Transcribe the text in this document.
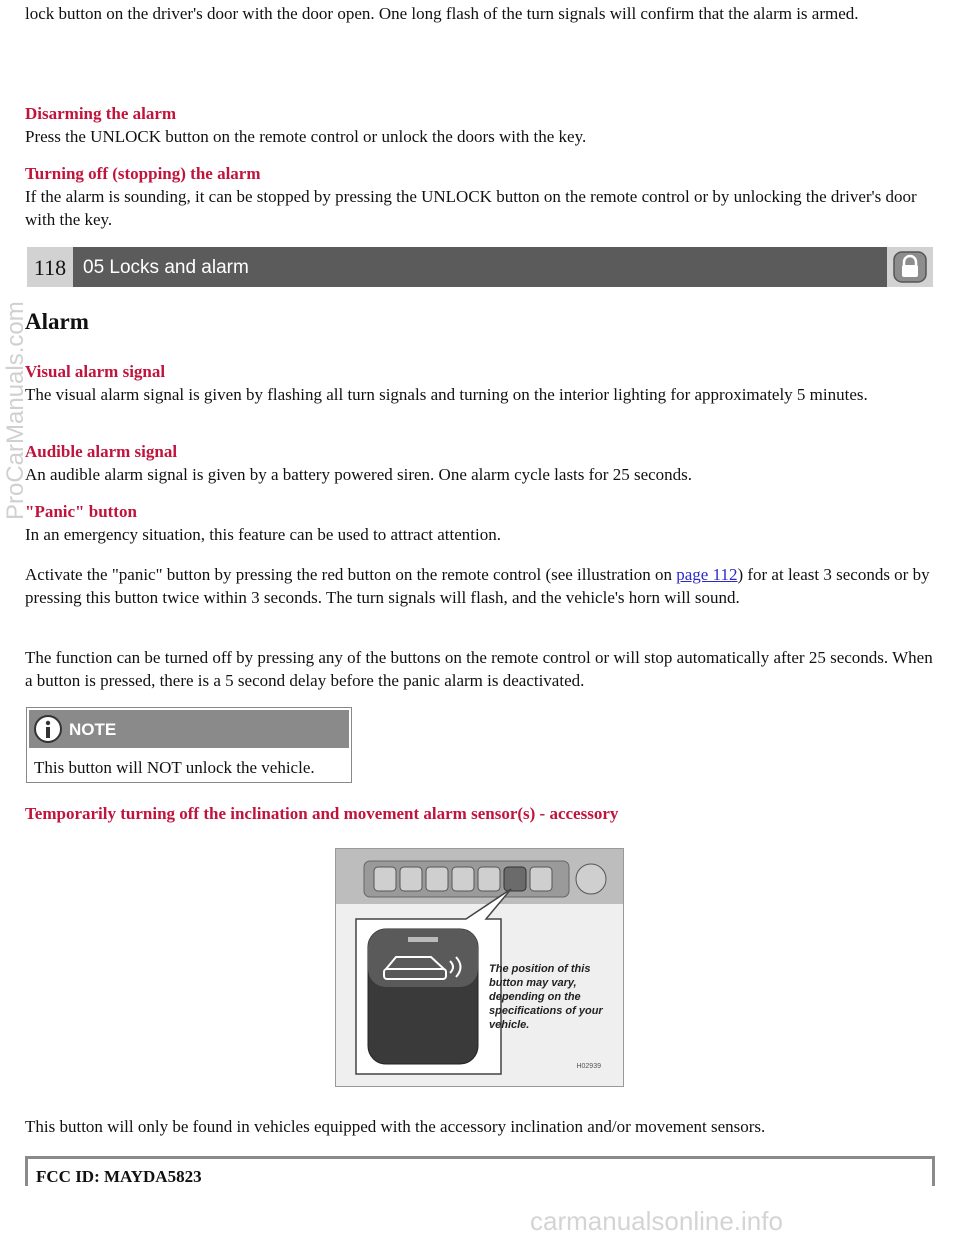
lock button on the driver's door with the door open. One long flash of the turn signals will confirm that the alarm is armed.

Disarming the alarm

Press the UNLOCK button on the remote control or unlock the doors with the key.

Turning off (stopping) the alarm

If the alarm is sounding, it can be stopped by pressing the UNLOCK button on the remote control or by unlocking the driver's door with the key.

118 05 Locks and alarm
Alarm

Visual alarm signal

The visual alarm signal is given by flashing all turn signals and turning on the interior lighting for approximately 5 minutes.

Audible alarm signal

An audible alarm signal is given by a battery powered siren. One alarm cycle lasts for 25 seconds.

"Panic" button

In an emergency situation, this feature can be used to attract attention.

Activate the "panic" button by pressing the red button on the remote control (see illustration on page 112) for at least 3 seconds or by pressing this button twice within 3 seconds. The turn signals will flash, and the vehicle's horn will sound.
The function can be turned off by pressing any of the buttons on the remote control or will stop automatically after 25 seconds. When a button is pressed, there is a 5 second delay before the panic alarm is deactivated.
NOTE
This button will NOT unlock the vehicle.
Temporarily turning off the inclination and movement alarm sensor(s) - accessory
The position of this button may vary, depending on the specifications of your vehicle.
H02939
This button will only be found in vehicles equipped with the accessory inclination and/or movement sensors.
FCC ID: MAYDA5823
ProCarManuals.com
carmanualsonline.info
